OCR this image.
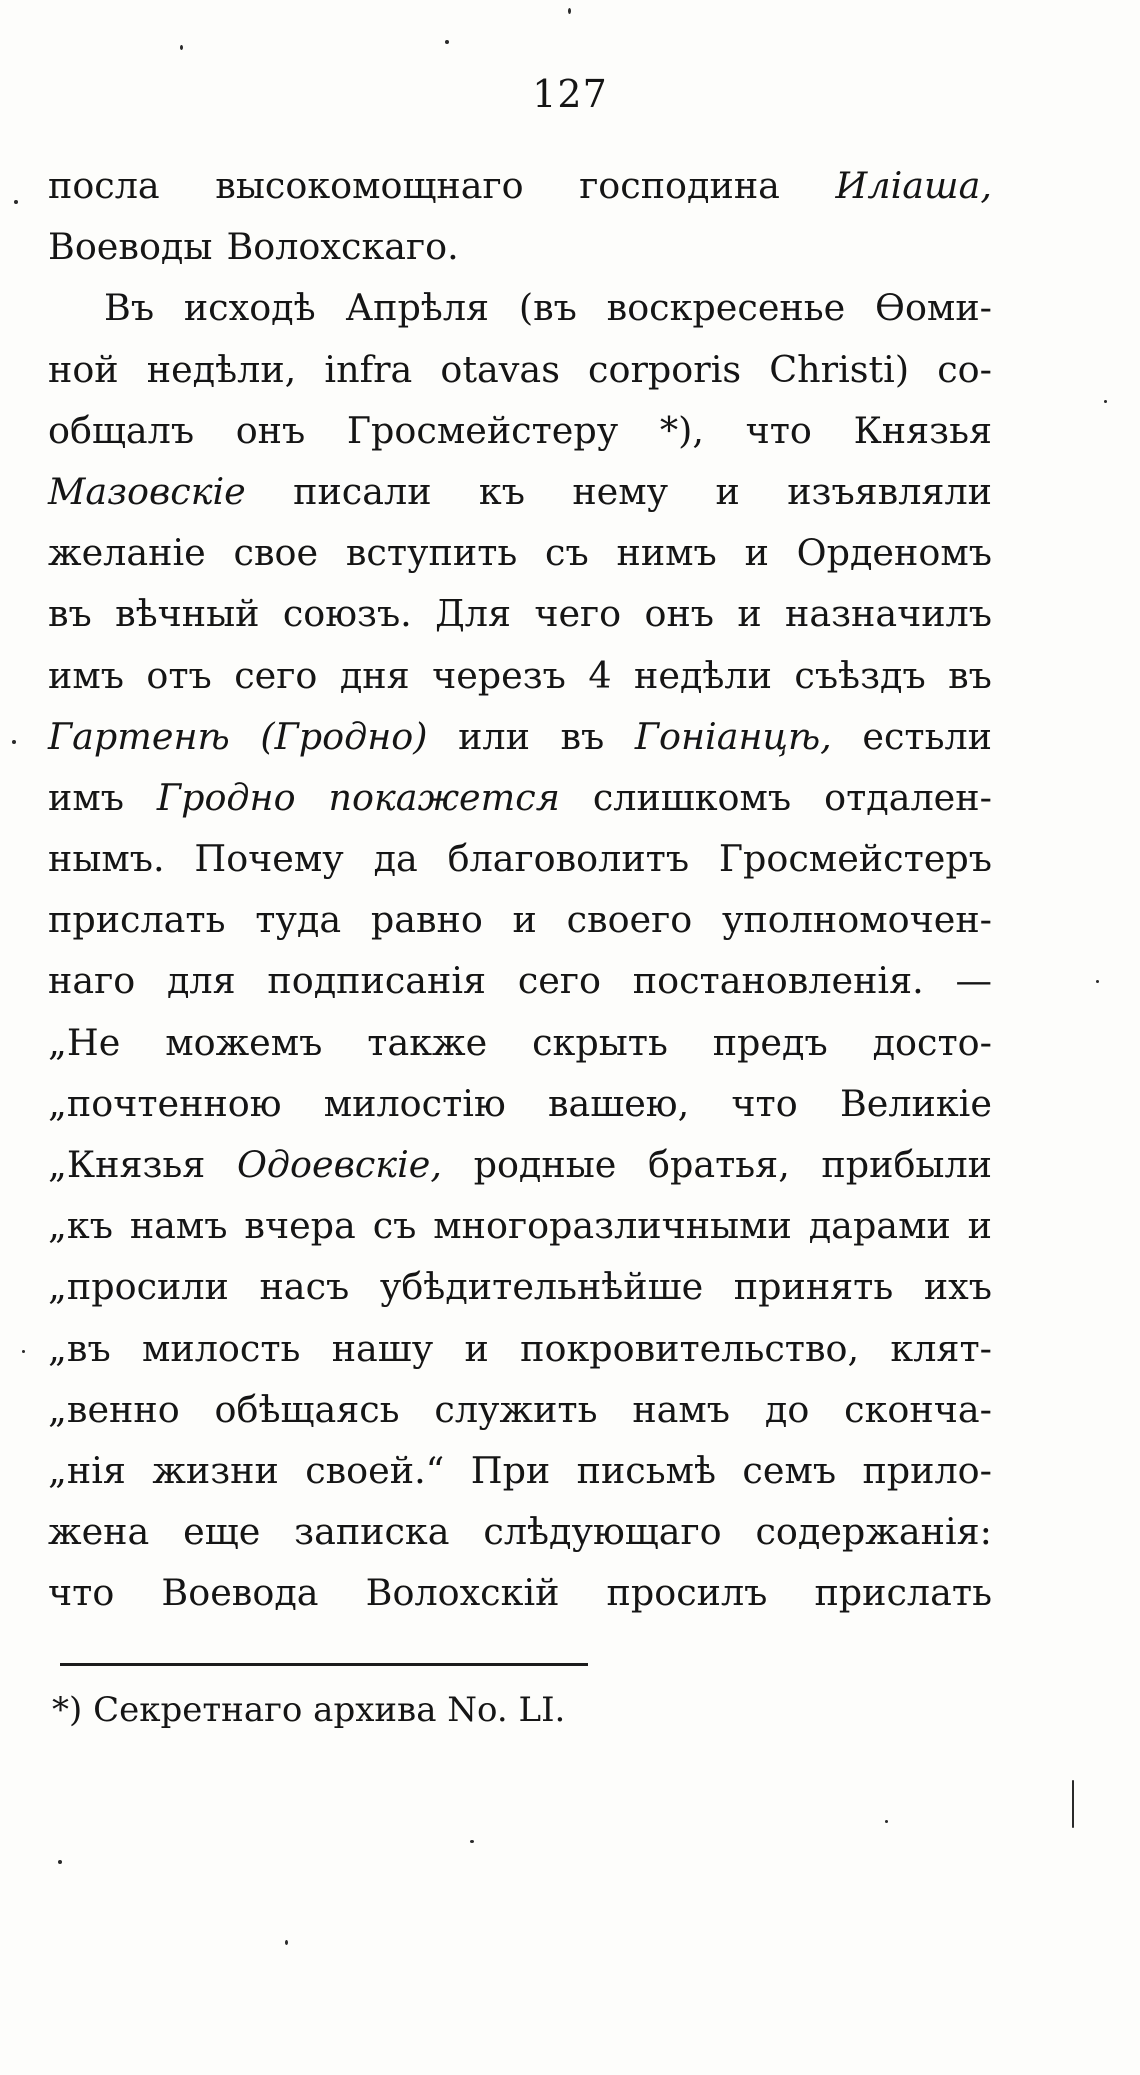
127
посла высокомощнаго господина Иліаша,
Воеводы Волохскаго.
Въ исходѣ Апрѣля (въ воскресенье Ѳоми-
ной недѣли, infra otavas corporis Christi) со-
общалъ онъ Гросмейстеру *), что Князья
Мазовскіе писали къ нему и изъявляли
желаніе свое вступить съ нимъ и Орденомъ
въ вѣчный союзъ. Для чего онъ и назначилъ
имъ отъ сего дня черезъ 4 недѣли съѣздъ въ
Гартенѣ (Гродно) или въ Гоніанцѣ, естьли
имъ Гродно покажется слишкомъ отдален-
нымъ. Почему да благоволитъ Гросмейстеръ
прислать туда равно и своего уполномочен-
наго для подписанія сего постановленія. —
„Не можемъ также скрыть предъ досто-
„почтенною милостію вашею, что Великіе
„Князья Одоевскіе, родные братья, прибыли
„къ намъ вчера съ многоразличными дарами и
„просили насъ убѣдительнѣйше принять ихъ
„въ милость нашу и покровительство, клят-
„венно обѣщаясь служить намъ до сконча-
„нія жизни своей.“ При письмѣ семъ прило-
жена еще записка слѣдующаго содержанія:
что Воевода Волохскій просилъ прислать
*) Секретнаго архива No. LI.
